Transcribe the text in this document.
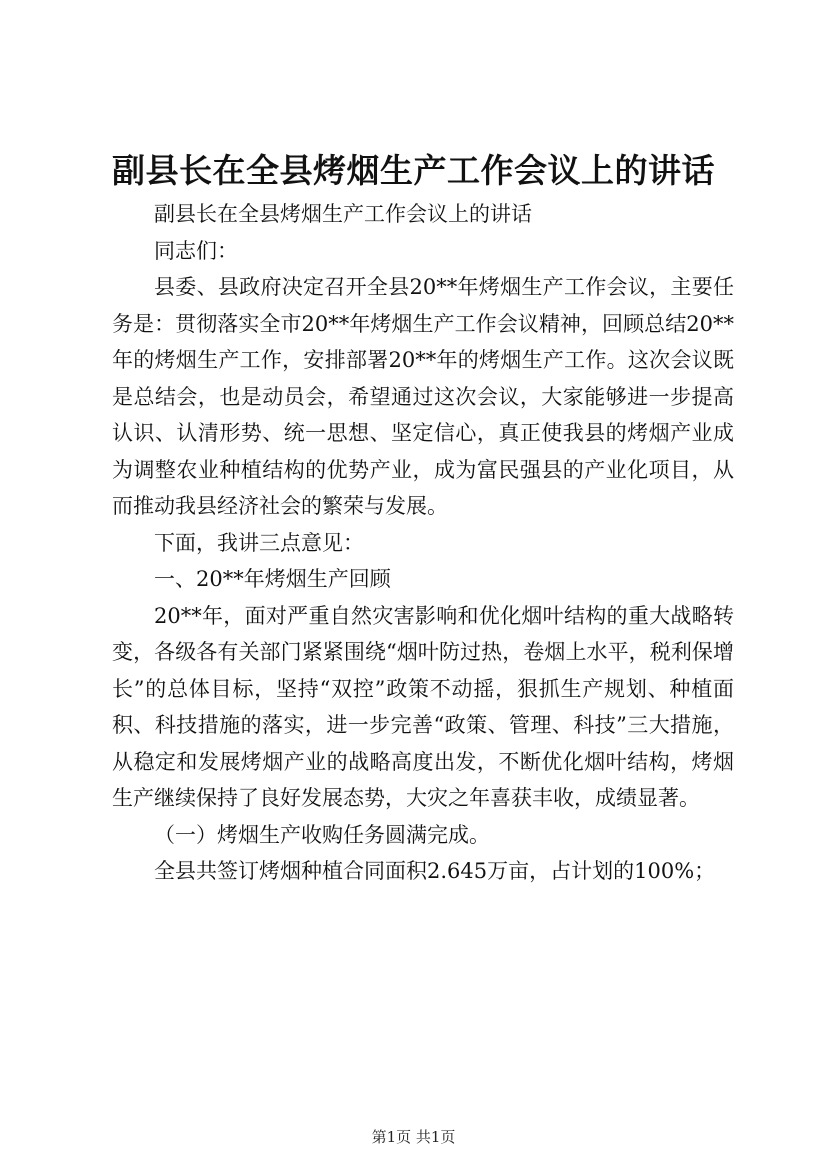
副县长在全县烤烟生产工作会议上的讲话

副县长在全县烤烟生产工作会议上的讲话

同志们：

县委、县政府决定召开全县20**年烤烟生产工作会议，主要任务是：贯彻落实全市20**年烤烟生产工作会议精神，回顾总结20**年的烤烟生产工作，安排部署20**年的烤烟生产工作。这次会议既是总结会，也是动员会，希望通过这次会议，大家能够进一步提高认识、认清形势、统一思想、坚定信心，真正使我县的烤烟产业成为调整农业种植结构的优势产业，成为富民强县的产业化项目，从而推动我县经济社会的繁荣与发展。

下面，我讲三点意见：

一、20**年烤烟生产回顾

20**年，面对严重自然灾害影响和优化烟叶结构的重大战略转变，各级各有关部门紧紧围绕“烟叶防过热，卷烟上水平，税利保增长”的总体目标，坚持“双控”政策不动摇，狠抓生产规划、种植面积、科技措施的落实，进一步完善“政策、管理、科技”三大措施，从稳定和发展烤烟产业的战略高度出发，不断优化烟叶结构，烤烟生产继续保持了良好发展态势，大灾之年喜获丰收，成绩显著。

（一）烤烟生产收购任务圆满完成。

全县共签订烤烟种植合同面积2.645万亩，占计划的100%；

第1页 共1页
